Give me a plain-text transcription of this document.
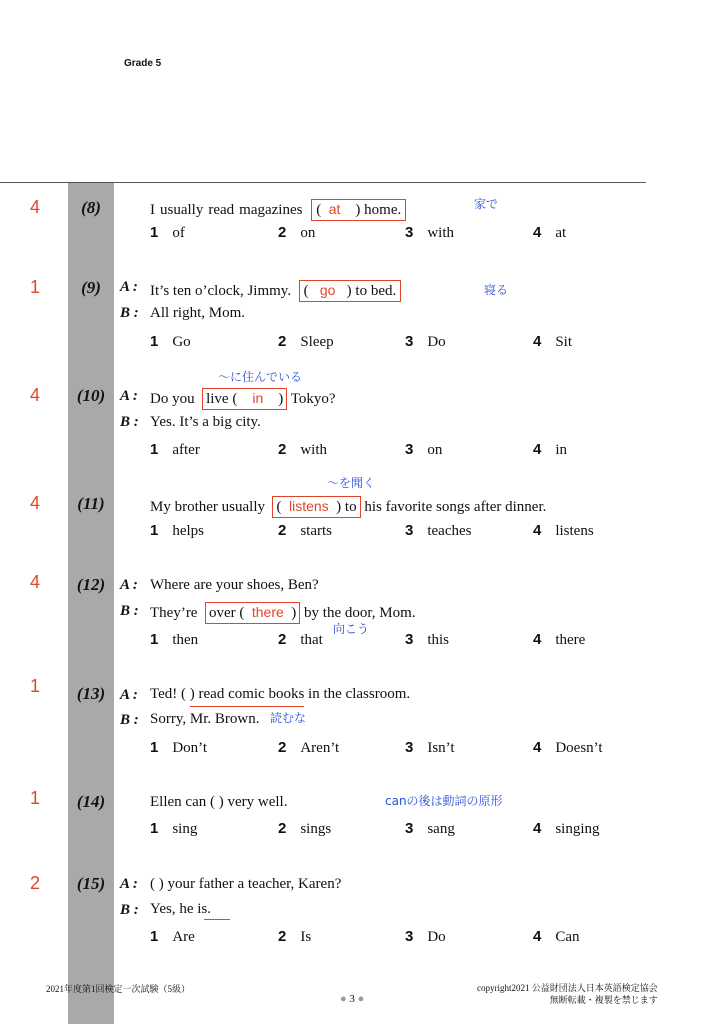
Grade 5
4	(8)	I usually read magazines (  at    ) home.	家で
1 of	2 on	3 with	4 at
1	(9)	A : It’s ten o’clock, Jimmy.  (   go   ) to bed.	寝る
B : All right, Mom.
1 Go	2 Sleep	3 Do	4 Sit
〜に住んでいる
4	(10) A : Do you  live (    in    ) Tokyo?
B : Yes. It’s a big city.
1 after	2 with	3 on	4 in
〜を聞く
4	(11)	My brother usually  (  listens  ) to his favorite songs after dinner.
1 helps	2 starts	3 teaches	4 listens
4	(12) A : Where are your shoes, Ben?
B : They’re  over (  there  ) by the door, Mom.
向こう
1 then	2 that	3 this	4 there
1	(13) A : Ted! ( ) read comic books in the classroom.
B : Sorry, Mr. Brown. 読むな
1 Don’t	2 Aren’t	3 Isn’t	4 Doesn’t
1	(14)	Ellen can ( ) very well.	canの後は動詞の原形
1 sing	2 sings	3 sang	4 singing
2	(15) A : ( ) your father a teacher, Karen?
B : Yes, he is.
1 Are	2 Is	3 Do	4 Can
2021年度第1回検定一次試験（5級）
● 3 ●
copyright2021 公益財団法人日本英語検定協会
無断転載・複製を禁じます
